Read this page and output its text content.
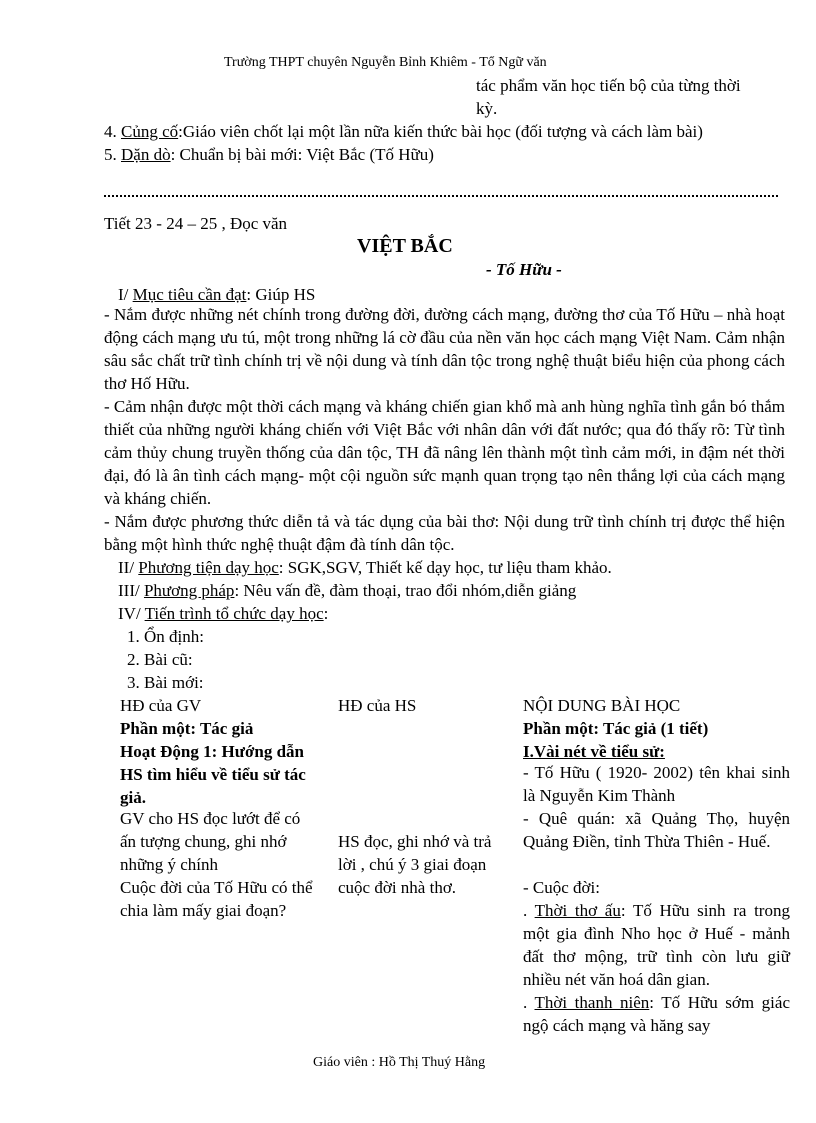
Trường THPT chuyên Nguyễn Bỉnh Khiêm - Tổ Ngữ văn
tác phẩm văn học tiến bộ của từng thời
kỳ.
4. Củng cố:Giáo viên chốt lại một lần nữa kiến thức bài học (đối tượng và cách làm bài)
5. Dặn dò: Chuẩn bị bài mới: Việt Bắc (Tố Hữu)
Tiết 23 - 24 – 25 , Đọc văn
VIỆT BẮC
- Tố Hữu -
I/ Mục tiêu cần đạt: Giúp HS
- Nắm được những nét chính trong đường đời, đường cách mạng, đường thơ của Tố Hữu – nhà hoạt động cách mạng ưu tú, một trong những lá cờ đầu của nền văn học cách mạng Việt Nam. Cảm nhận sâu sắc chất trữ tình chính trị về nội dung và tính dân tộc trong nghệ thuật biểu hiện của phong cách thơ Hố Hữu.
- Cảm nhận được một thời cách mạng và kháng chiến gian khổ mà anh hùng nghĩa tình gắn bó thắm thiết của những người kháng chiến với Việt Bắc với nhân dân với đất nước; qua đó thấy rõ: Từ tình cảm thủy chung truyền thống của dân tộc, TH đã nâng lên thành một tình cảm mới, in đậm nét thời đại, đó là ân tình cách mạng- một cội nguồn sức mạnh quan trọng tạo nên thắng lợi của cách mạng và kháng chiến.
- Nắm được phương thức diễn tả và tác dụng của bài thơ: Nội dung trữ tình chính trị được thể hiện bằng một hình thức nghệ thuật đậm đà tính dân tộc.
II/ Phương tiện dạy học: SGK,SGV, Thiết kế dạy học, tư liệu tham khảo.
III/ Phương pháp: Nêu vấn đề, đàm thoại, trao đổi nhóm,diễn giảng
IV/ Tiến trình tổ chức dạy học:
1. Ổn định:
2. Bài cũ:
3. Bài mới:
HĐ của GV	HĐ của HS	NỘI DUNG BÀI HỌC
Phần một: Tác giả
Hoạt Động 1: Hướng dẫn
HS tìm hiểu về tiểu sử tác
giả.
GV cho HS đọc lướt để có
ấn tượng chung, ghi nhớ
những ý chính
Cuộc đời của Tố Hữu có thể
chia làm mấy giai đoạn?
HS đọc, ghi nhớ và trả
lời , chú ý 3 giai đoạn
cuộc đời nhà thơ.
Phần một: Tác giả (1 tiết)
I.Vài nét về tiểu sử:
- Tố Hữu ( 1920- 2002) tên khai sinh là Nguyễn Kim Thành
- Quê quán: xã Quảng Thọ, huyện Quảng Điền, tỉnh Thừa Thiên - Huế.
- Cuộc đời:
. Thời thơ ấu: Tố Hữu sinh ra trong một gia đình Nho học ở Huế - mảnh đất thơ mộng, trữ tình còn lưu giữ nhiều nét văn hoá dân gian.
. Thời thanh niên: Tố Hữu sớm giác ngộ cách mạng và hăng say
Giáo viên : Hồ Thị Thuý Hằng
